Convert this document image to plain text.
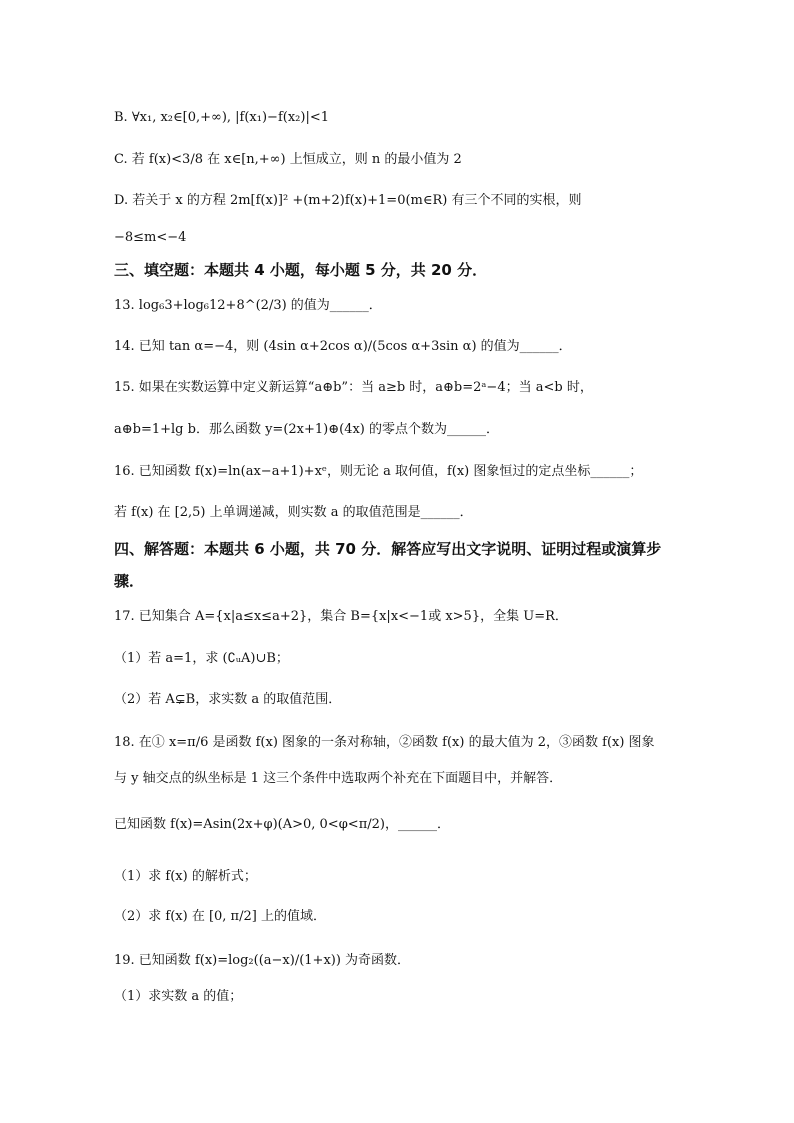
B. ∀x₁, x₂∈[0,+∞), |f(x₁)−f(x₂)|<1
C. 若 f(x)<3/8 在 x∈[n,+∞) 上恒成立，则 n 的最小值为 2
D. 若关于 x 的方程 2m[f(x)]² +(m+2)f(x)+1=0(m∈R) 有三个不同的实根，则
−8≤m<−4
三、填空题：本题共 4 小题，每小题 5 分，共 20 分．
13. log₆3+log₆12+8^(2/3) 的值为______．
14. 已知 tan α=−4，则 (4sin α+2cos α)/(5cos α+3sin α) 的值为______．
15. 如果在实数运算中定义新运算“a⊕b”：当 a≥b 时，a⊕b=2ᵃ−4；当 a<b 时，
a⊕b=1+lg b．那么函数 y=(2x+1)⊕(4x) 的零点个数为______．
16. 已知函数 f(x)=ln(ax−a+1)+xᵉ，则无论 a 取何值，f(x) 图象恒过的定点坐标______；
若 f(x) 在 [2,5) 上单调递减，则实数 a 的取值范围是______．
四、解答题：本题共 6 小题，共 70 分．解答应写出文字说明、证明过程或演算步
骤．
17. 已知集合 A={x|a≤x≤a+2}，集合 B={x|x<−1或 x>5}，全集 U=R．
（1）若 a=1，求 (∁ᵤA)∪B；
（2）若 A⊊B，求实数 a 的取值范围．
18. 在① x=π/6 是函数 f(x) 图象的一条对称轴，②函数 f(x) 的最大值为 2，③函数 f(x) 图象
与 y 轴交点的纵坐标是 1 这三个条件中选取两个补充在下面题目中，并解答．
已知函数 f(x)=Asin(2x+φ)(A>0, 0<φ<π/2)，______．
（1）求 f(x) 的解析式；
（2）求 f(x) 在 [0, π/2] 上的值域．
19. 已知函数 f(x)=log₂((a−x)/(1+x)) 为奇函数．
（1）求实数 a 的值；
